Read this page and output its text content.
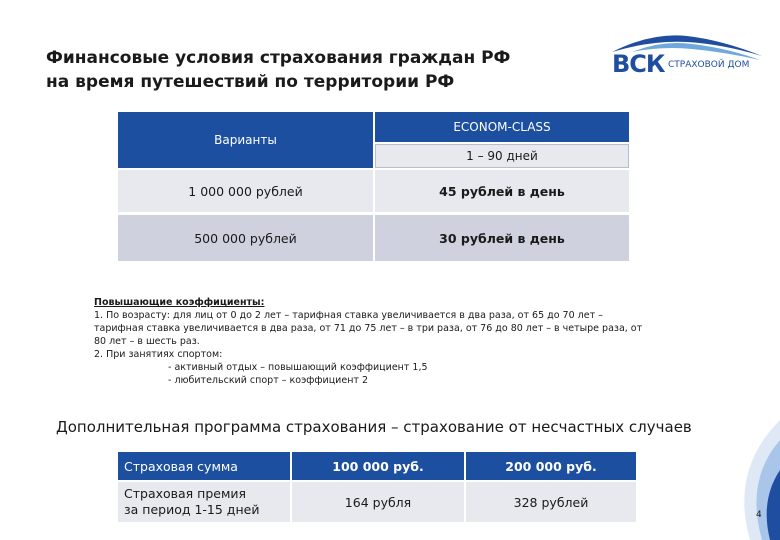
Финансовые условия страхования граждан РФ
на время путешествий по территории РФ
ВСК СТРАХОВОЙ ДОМ
Варианты
ECONOM-CLASS
1 – 90 дней
1 000 000 рублей	45 рублей в день
500 000 рублей	30 рублей в день
Повышающие коэффициенты:
1. По возрасту: для лиц от 0 до 2 лет – тарифная ставка увеличивается в два раза, от 65 до 70 лет –
тарифная ставка увеличивается в два раза, от 71 до 75 лет – в три раза, от 76 до 80 лет – в четыре раза, от
80 лет – в шесть раз.
2. При занятиях спортом:
- активный отдых – повышающий коэффициент 1,5
- любительский спорт – коэффициент 2
Дополнительная программа страхования – страхование от несчастных случаев
Страховая сумма	100 000 руб.	200 000 руб.
Страховая премия
за период 1-15 дней	164 рубля	328 рублей
4
